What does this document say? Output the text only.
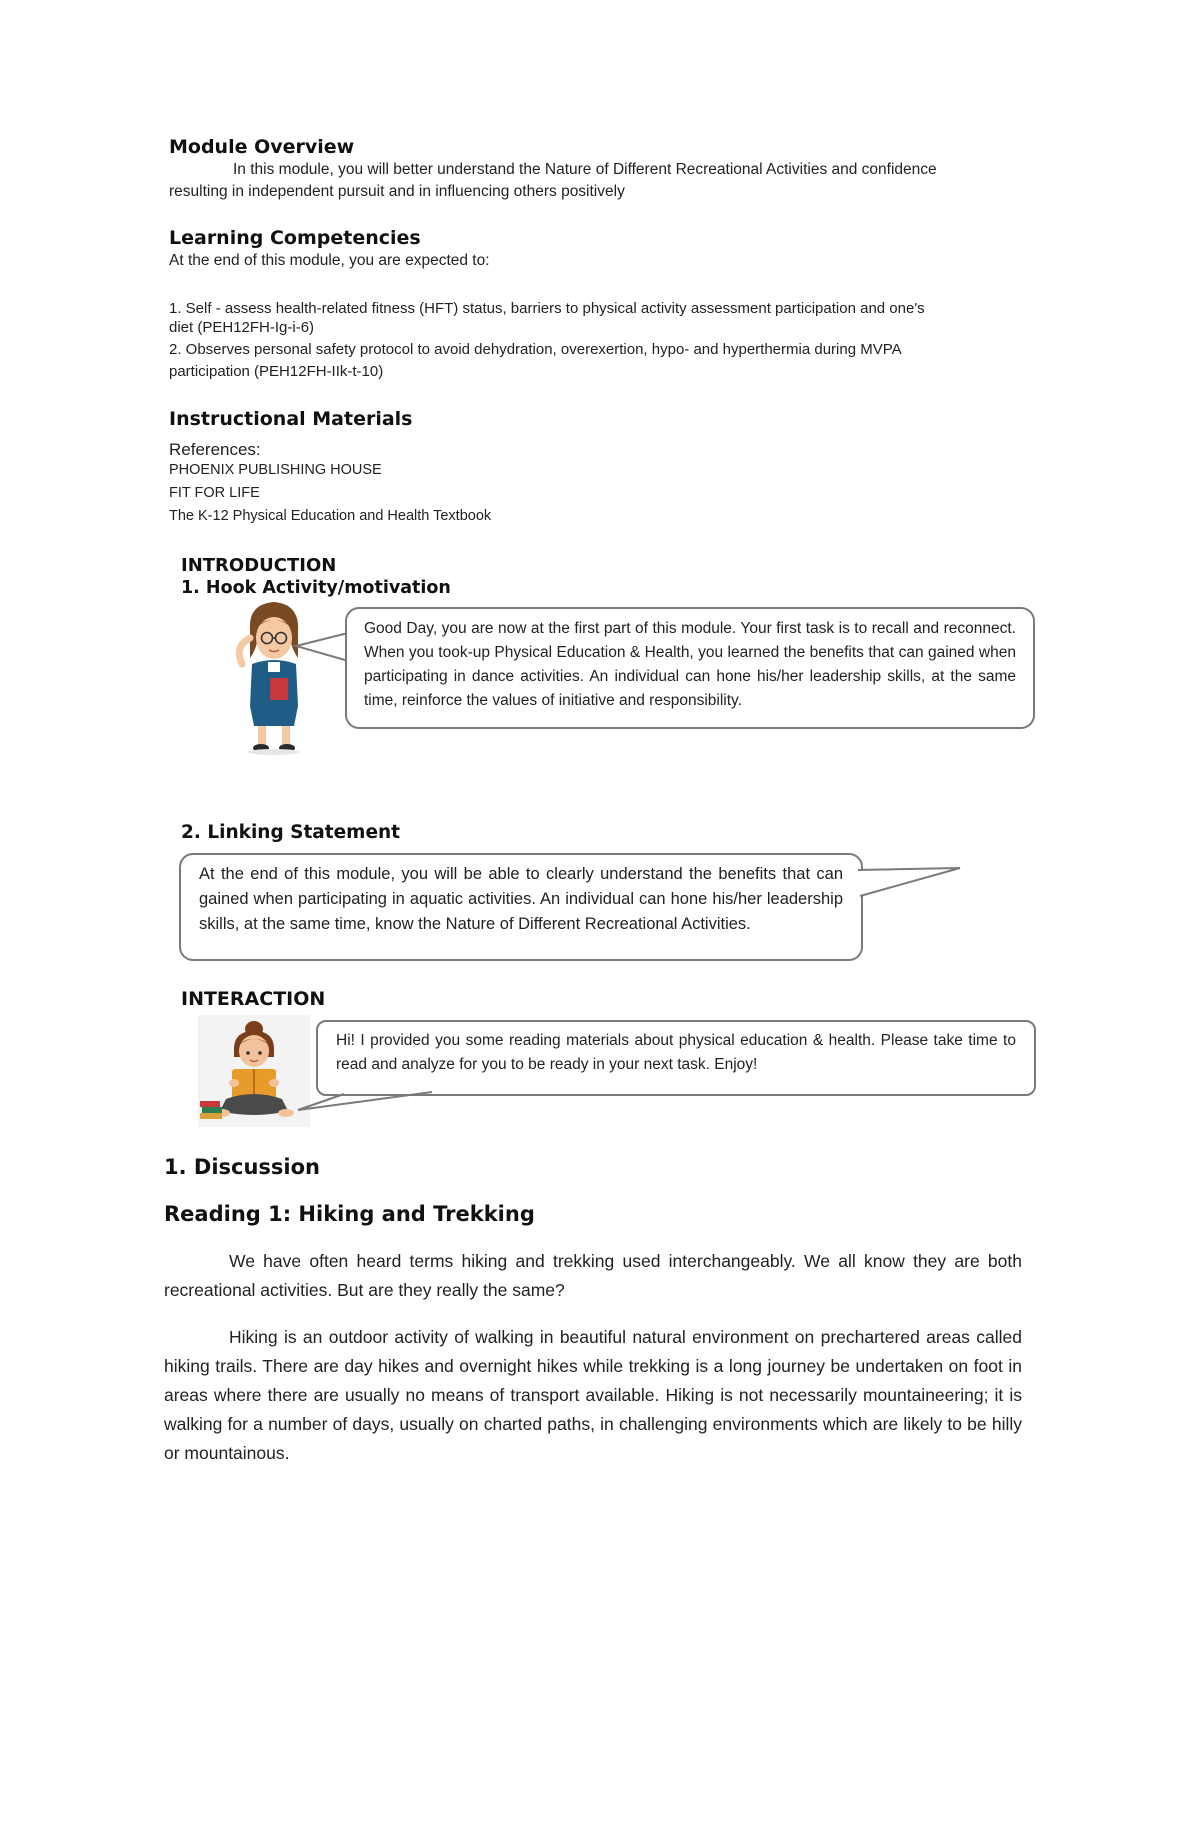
Module Overview
In this module, you will better understand the Nature of Different Recreational Activities and confidence
resulting in independent pursuit and in influencing others positively
Learning Competencies
At the end of this module, you are expected to:
1. Self - assess health-related fitness (HFT) status, barriers to physical activity assessment participation and one's
diet (PEH12FH-Ig-i-6)
2. Observes personal safety protocol to avoid dehydration, overexertion, hypo- and hyperthermia during MVPA
participation (PEH12FH-IIk-t-10)
Instructional Materials
References:
PHOENIX PUBLISHING HOUSE
FIT FOR LIFE
The K-12 Physical Education and Health Textbook
INTRODUCTION
1. Hook Activity/motivation
Good Day, you are now at the first part of this module. Your first task is to recall and reconnect. When you took-up Physical Education & Health, you learned the benefits that can gained when participating in dance activities. An individual can hone his/her leadership skills, at the same time, reinforce the values of initiative and responsibility.
2. Linking Statement
At the end of this module, you will be able to clearly understand the benefits that can gained when participating in aquatic activities. An individual can hone his/her leadership skills, at the same time, know the Nature of Different Recreational Activities.
INTERACTION
Hi! I provided you some reading materials about physical education & health. Please take time to read and analyze for you to be ready in your next task. Enjoy!
1. Discussion
Reading 1: Hiking and Trekking
We have often heard terms hiking and trekking used interchangeably. We all know they are both recreational activities. But are they really the same?
Hiking is an outdoor activity of walking in beautiful natural environment on prechartered areas called hiking trails. There are day hikes and overnight hikes while trekking is a long journey be undertaken on foot in areas where there are usually no means of transport available. Hiking is not necessarily mountaineering; it is walking for a number of days, usually on charted paths, in challenging environments which are likely to be hilly or mountainous.
